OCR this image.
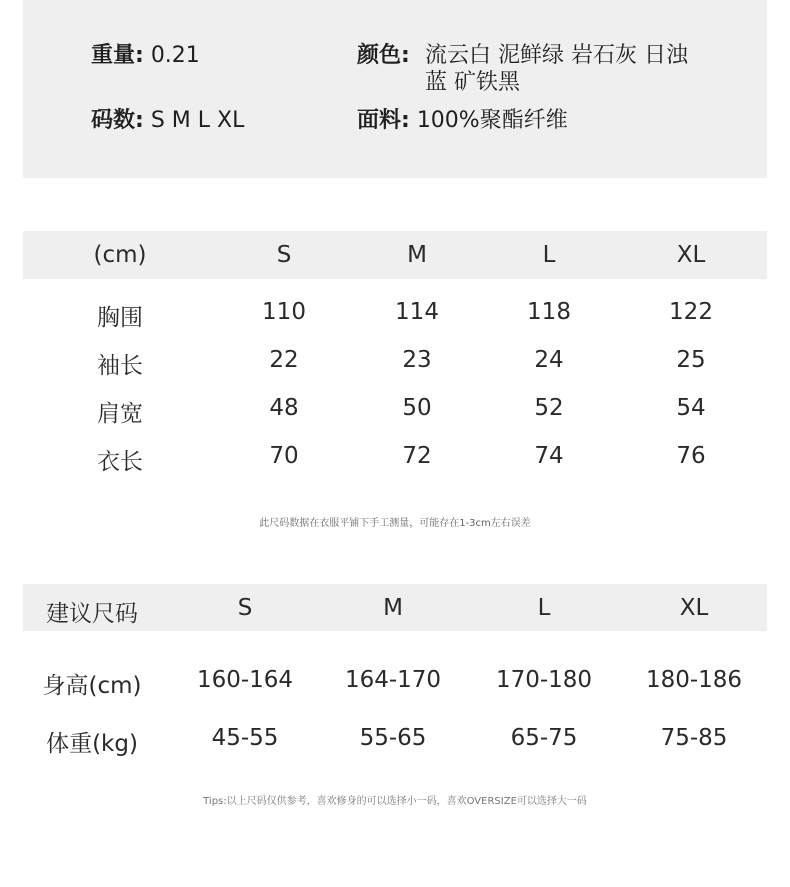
重量: 0.21
码数: S M L XL
颜色: 流云白 泥鲜绿 岩石灰 日浊蓝 矿铁黑
面料: 100%聚酯纤维
(cm)	S	M	L	XL
胸围	110	114	118	122
袖长	22	23	24	25
肩宽	48	50	52	54
衣长	70	72	74	76
此尺码数据在衣服平铺下手工测量，可能存在1-3cm左右误差
建议尺码	S	M	L	XL
身高(cm) 160-164 164-170 170-180 180-186
体重(kg)	45-55	55-65	65-75	75-85
Tips:以上尺码仅供参考，喜欢修身的可以选择小一码，喜欢OVERSIZE可以选择大一码
